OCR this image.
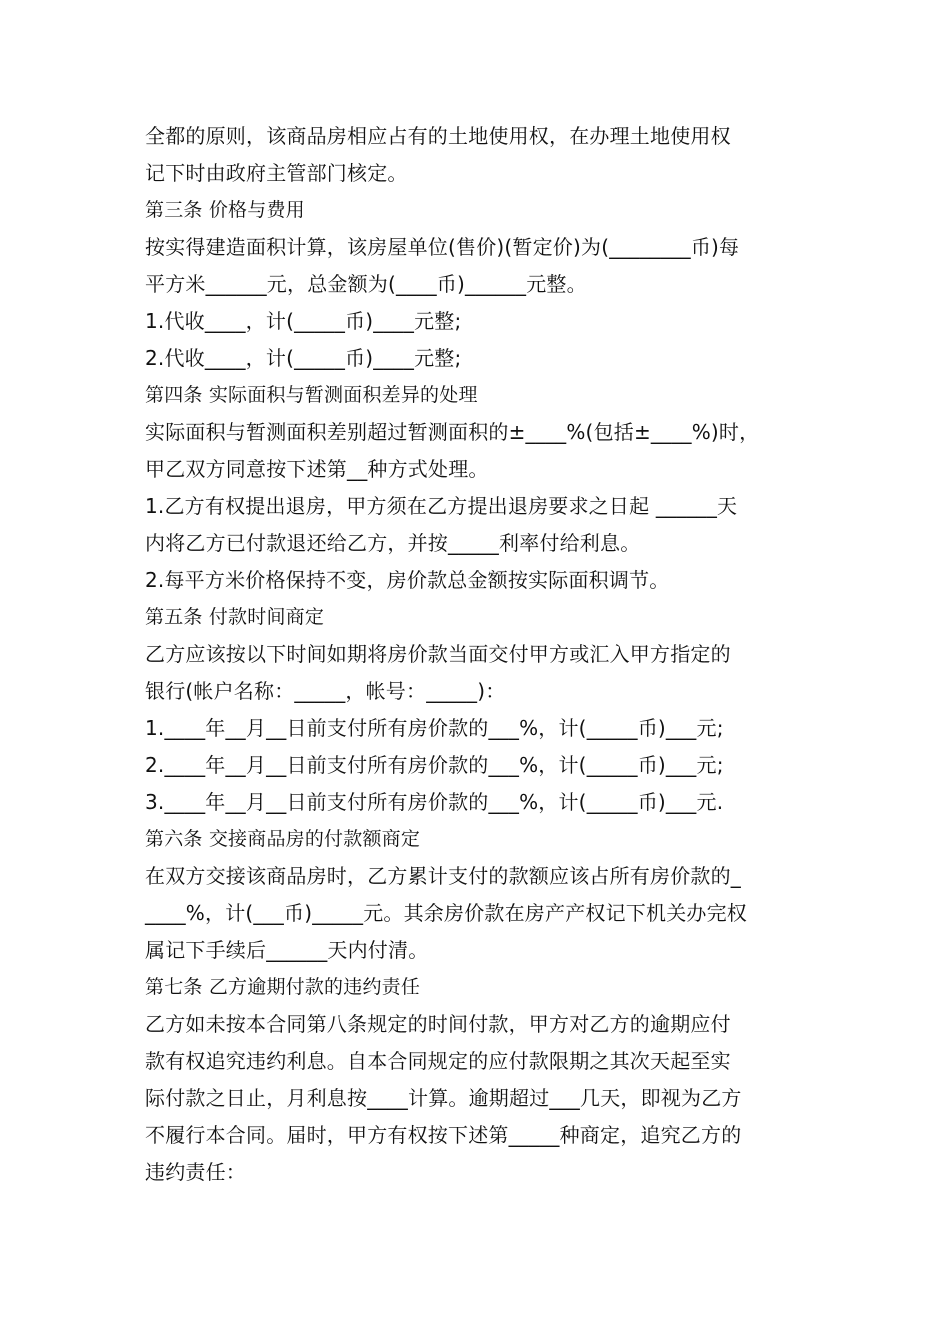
全都的原则，该商品房相应占有的土地使用权，在办理土地使用权
记下时由政府主管部门核定。
第三条 价格与费用
按实得建造面积计算，该房屋单位(售价)(暂定价)为(________币)每
平方米______元，总金额为(____币)______元整。
1.代收____，计(_____币)____元整;
2.代收____，计(_____币)____元整;
第四条 实际面积与暂测面积差异的处理
实际面积与暂测面积差别超过暂测面积的±____%(包括±____%)时，
甲乙双方同意按下述第__种方式处理。
1.乙方有权提出退房，甲方须在乙方提出退房要求之日起 ______天
内将乙方已付款退还给乙方，并按_____利率付给利息。
2.每平方米价格保持不变，房价款总金额按实际面积调节。
第五条 付款时间商定
乙方应该按以下时间如期将房价款当面交付甲方或汇入甲方指定的
银行(帐户名称：_____，帐号：_____)：
1.____年__月__日前支付所有房价款的___%，计(_____币)___元;
2.____年__月__日前支付所有房价款的___%，计(_____币)___元;
3.____年__月__日前支付所有房价款的___%，计(_____币)___元.
第六条 交接商品房的付款额商定
在双方交接该商品房时，乙方累计支付的款额应该占所有房价款的_
____%，计(___币)_____元。其余房价款在房产产权记下机关办完权
属记下手续后______天内付清。
第七条 乙方逾期付款的违约责任
乙方如未按本合同第八条规定的时间付款，甲方对乙方的逾期应付
款有权追究违约利息。自本合同规定的应付款限期之其次天起至实
际付款之日止，月利息按____计算。逾期超过___几天，即视为乙方
不履行本合同。届时，甲方有权按下述第_____种商定，追究乙方的
违约责任：
